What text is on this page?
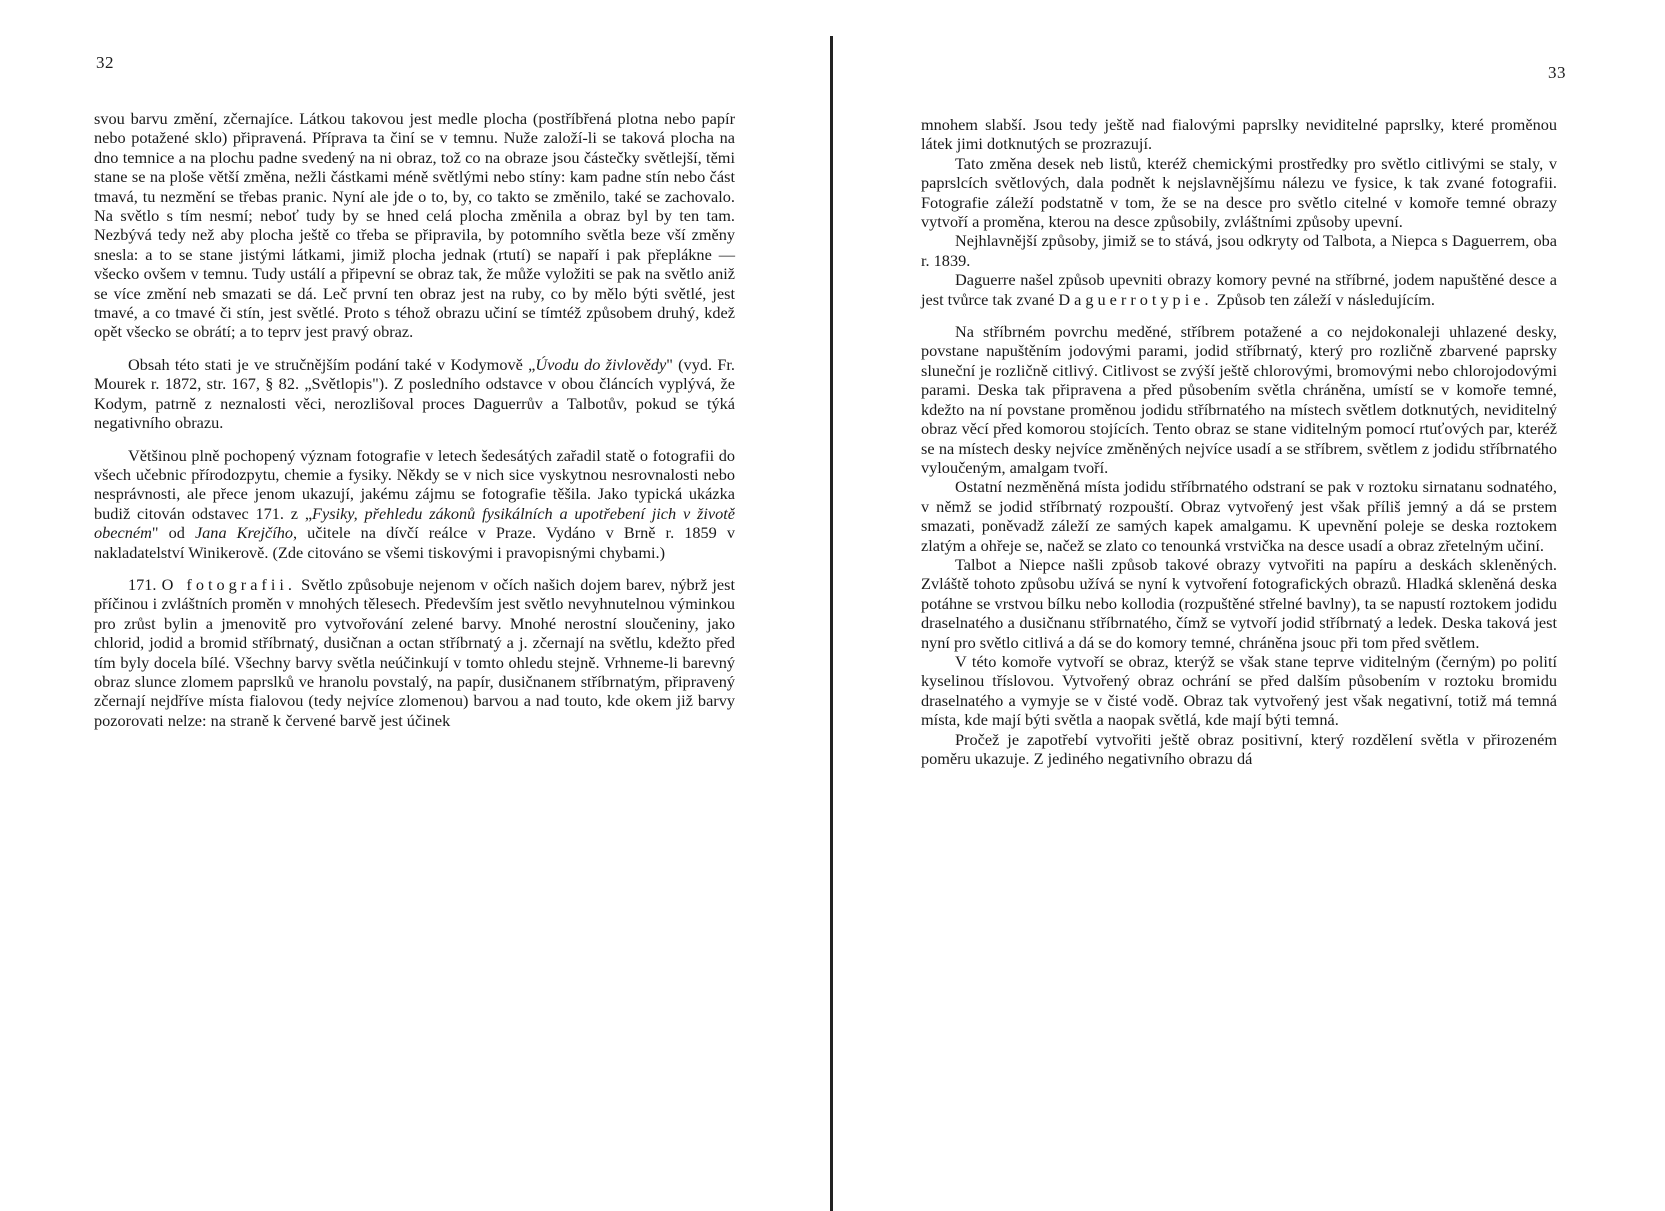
32

svou barvu změní, zčernajíce. Látkou takovou jest medle plocha (postříbřená plotna nebo papír nebo potažené sklo) připravená. Příprava ta činí se v temnu. Nuže založí-li se taková plocha na dno temnice a na plochu padne svedený na ni obraz, tož co na obraze jsou částečky světlejší, těmi stane se na ploše větší změna, nežli částkami méně světlými nebo stíny: kam padne stín nebo část tmavá, tu nezmění se třebas pranic. Nyní ale jde o to, by, co takto se změnilo, také se zachovalo. Na světlo s tím nesmí; neboť tudy by se hned celá plocha změnila a obraz byl by ten tam. Nezbývá tedy než aby plocha ještě co třeba se připravila, by potomního světla beze vší změny snesla: a to se stane jistými látkami, jimiž plocha jednak (rtutí) se napaří i pak přeplákne — všecko ovšem v temnu. Tudy ustálí a připevní se obraz tak, že může vyložiti se pak na světlo aniž se více změní neb smazati se dá. Leč první ten obraz jest na ruby, co by mělo býti světlé, jest tmavé, a co tmavé či stín, jest světlé. Proto s téhož obrazu učiní se tímtéž způsobem druhý, kdež opět všecko se obrátí; a to teprv jest pravý obraz.

Obsah této stati je ve stručnějším podání také v Kodymově „Úvodu do živlovědy" (vyd. Fr. Mourek r. 1872, str. 167, § 82. „Světlopis"). Z posledního odstavce v obou článcích vyplývá, že Kodym, patrně z neznalosti věci, nerozlišoval proces Daguerrův a Talbotův, pokud se týká negativního obrazu.

Většinou plně pochopený význam fotografie v letech šedesátých zařadil statě o fotografii do všech učebnic přírodozpytu, chemie a fysiky. Někdy se v nich sice vyskytnou nesrovnalosti nebo nesprávnosti, ale přece jenom ukazují, jakému zájmu se fotografie těšila. Jako typická ukázka budiž citován odstavec 171. z „Fysiky, přehledu zákonů fysikálních a upotřebení jich v životě obecném" od Jana Krejčího, učitele na dívčí reálce v Praze. Vydáno v Brně r. 1859 v nakladatelství Winikerově. (Zde citováno se všemi tiskovými i pravopisnými chybami.)

171. O fotografii. Světlo způsobuje nejenom v očích našich dojem barev, nýbrž jest příčinou i zvláštních proměn v mnohých tělesech. Především jest světlo nevyhnutelnou výminkou pro zrůst bylin a jmenovitě pro vytvořování zelené barvy. Mnohé nerostní sloučeniny, jako chlorid, jodid a bromid stříbrnatý, dusičnan a octan stříbrnatý a j. zčernají na světlu, kdežto před tím byly docela bílé. Všechny barvy světla neúčinkují v tomto ohledu stejně. Vrhneme-li barevný obraz slunce zlomem paprslků ve hranolu povstalý, na papír, dusičnanem stříbrnatým, připravený zčernají nejdříve místa fialovou (tedy nejvíce zlomenou) barvou a nad touto, kde okem již barvy pozorovati nelze: na straně k červené barvě jest účinek

33

mnohem slabší. Jsou tedy ještě nad fialovými paprslky neviditelné paprslky, které proměnou látek jimi dotknutých se prozrazují.

Tato změna desek neb listů, kteréž chemickými prostředky pro světlo citlivými se staly, v paprslcích světlových, dala podnět k nejslavnějšímu nálezu ve fysice, k tak zvané fotografii. Fotografie záleží podstatně v tom, že se na desce pro světlo citelné v komoře temné obrazy vytvoří a proměna, kterou na desce způsobily, zvláštními způsoby upevní.

Nejhlavnější způsoby, jimiž se to stává, jsou odkryty od Talbota, a Niepca s Daguerrem, oba r. 1839.

Daguerre našel způsob upevniti obrazy komory pevné na stříbrné, jodem napuštěné desce a jest tvůrce tak zvané Daguerrotypie. Způsob ten záleží v následujícím.

Na stříbrném povrchu meděné, stříbrem potažené a co nejdokonaleji uhlazené desky, povstane napuštěním jodovými parami, jodid stříbrnatý, který pro rozličně zbarvené paprsky sluneční je rozličně citlivý. Citlivost se zvýší ještě chlorovými, bromovými nebo chlorojodovými parami. Deska tak připravena a před působením světla chráněna, umístí se v komoře temné, kdežto na ní povstane proměnou jodidu stříbrnatého na místech světlem dotknutých, neviditelný obraz věcí před komorou stojících. Tento obraz se stane viditelným pomocí rtuťových par, kteréž se na místech desky nejvíce změněných nejvíce usadí a se stříbrem, světlem z jodidu stříbrnatého vyloučeným, amalgam tvoří.

Ostatní nezměněná místa jodidu stříbrnatého odstraní se pak v roztoku sirnatanu sodnatého, v němž se jodid stříbrnatý rozpouští. Obraz vytvořený jest však příliš jemný a dá se prstem smazati, poněvadž záleží ze samých kapek amalgamu. K upevnění poleje se deska roztokem zlatým a ohřeje se, načež se zlato co tenounká vrstvička na desce usadí a obraz zřetelným učiní.

Talbot a Niepce našli způsob takové obrazy vytvořiti na papíru a deskách skleněných. Zvláště tohoto způsobu užívá se nyní k vytvoření fotografických obrazů. Hladká skleněná deska potáhne se vrstvou bílku nebo kollodia (rozpuštěné střelné bavlny), ta se napustí roztokem jodidu draselnatého a dusičnanu stříbrnatého, čímž se vytvoří jodid stříbrnatý a ledek. Deska taková jest nyní pro světlo citlivá a dá se do komory temné, chráněna jsouc při tom před světlem.

V této komoře vytvoří se obraz, kterýž se však stane teprve viditelným (černým) po polití kyselinou tříslovou. Vytvořený obraz ochrání se před dalším působením v roztoku bromidu draselnatého a vymyje se v čisté vodě. Obraz tak vytvořený jest však negativní, totiž má temná místa, kde mají býti světla a naopak světlá, kde mají býti temná.

Pročež je zapotřebí vytvořiti ještě obraz positivní, který rozdělení světla v přirozeném poměru ukazuje. Z jediného negativního obrazu dá
